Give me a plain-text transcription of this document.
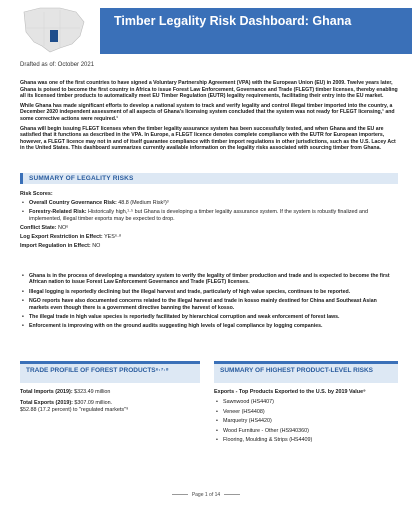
Timber Legality Risk Dashboard: Ghana
Drafted as of: October 2021

Ghana was one of the first countries to have signed a Voluntary Partnership Agreement (VPA) with the European Union (EU) in 2009. Twelve years later, Ghana is poised to become the first country in Africa to issue Forest Law Enforcement, Governance and Trade (FLEGT) timber licenses, thereby enabling all its licensed timber products to automatically meet EU Timber Regulation (EUTR) legality requirements, facilitating their entry into the EU market.

While Ghana has made significant efforts to develop a national system to track and verify legality and control illegal timber imported into the country, a December 2020 independent assessment of all aspects of Ghana's licensing system concluded that the system was not ready for FLEGT licensing,¹ and some corrective actions were required.¹

Ghana will begin issuing FLEGT licenses when the timber legality assurance system has been successfully tested, and when Ghana and the EU are satisfied that it functions as described in the VPA. In Europe, a FLEGT licence denotes complete compliance with the EUTR for European importers, however, a FLEGT licence may not in and of itself guarantee compliance with timber import regulations in other jurisdictions, such as the U.S. Lacey Act in the United States. This dashboard summarizes currently available information on the legality risks associated with sourcing timber from Ghana.

SUMMARY OF LEGALITY RISKS
Risk Scores:
• Overall Country Governance Risk: 48.8 (Medium Risk²)³
• Forestry-Related Risk: Historically high,¹·⁵ but Ghana is developing a timber legality assurance system. If the system is robustly finalized and implemented, illegal timber exports may be expected to drop.
Conflict State: NO⁶
Log Export Restriction in Effect: YES⁶·⁸
Import Regulation in Effect: NO
• Ghana is in the process of developing a mandatory system to verify the legality of timber production and trade and is expected to become the first African nation to issue Forest Law Enforcement Governance and Trade (FLEGT) licenses.
• Illegal logging is reportedly declining but the illegal harvest and trade, particularly of high value species, continues to be reported.
• NGO reports have also documented concerns related to the illegal harvest and trade in kosso mainly destined for China and Southeast Asian markets even though there is a government directive banning the harvest of kosso.
• The illegal trade in high value species is reportedly facilitated by hierarchical corruption and weak enforcement of forest laws.
• Enforcement is improving with on the ground audits suggesting high levels of legal compliance by logging companies.
TRADE PROFILE OF FOREST PRODUCTS⁶·⁷·⁸	SUMMARY OF HIGHEST PRODUCT-LEVEL RISKS
Total Imports (2019): $323.49 million
Total Exports (2019): $307.09 million.
$52.88 (17.2 percent) to "regulated markets"⁹
Exports - Top Products Exported to the U.S. by 2019 Value⁹
• Sawnwood (HS4407)
• Veneer (HS4408)
• Marquetry (HS4420)
• Wood Furniture - Other (HS940360)
• Flooring, Moulding & Strips (HS4409)
Page 1 of 14
